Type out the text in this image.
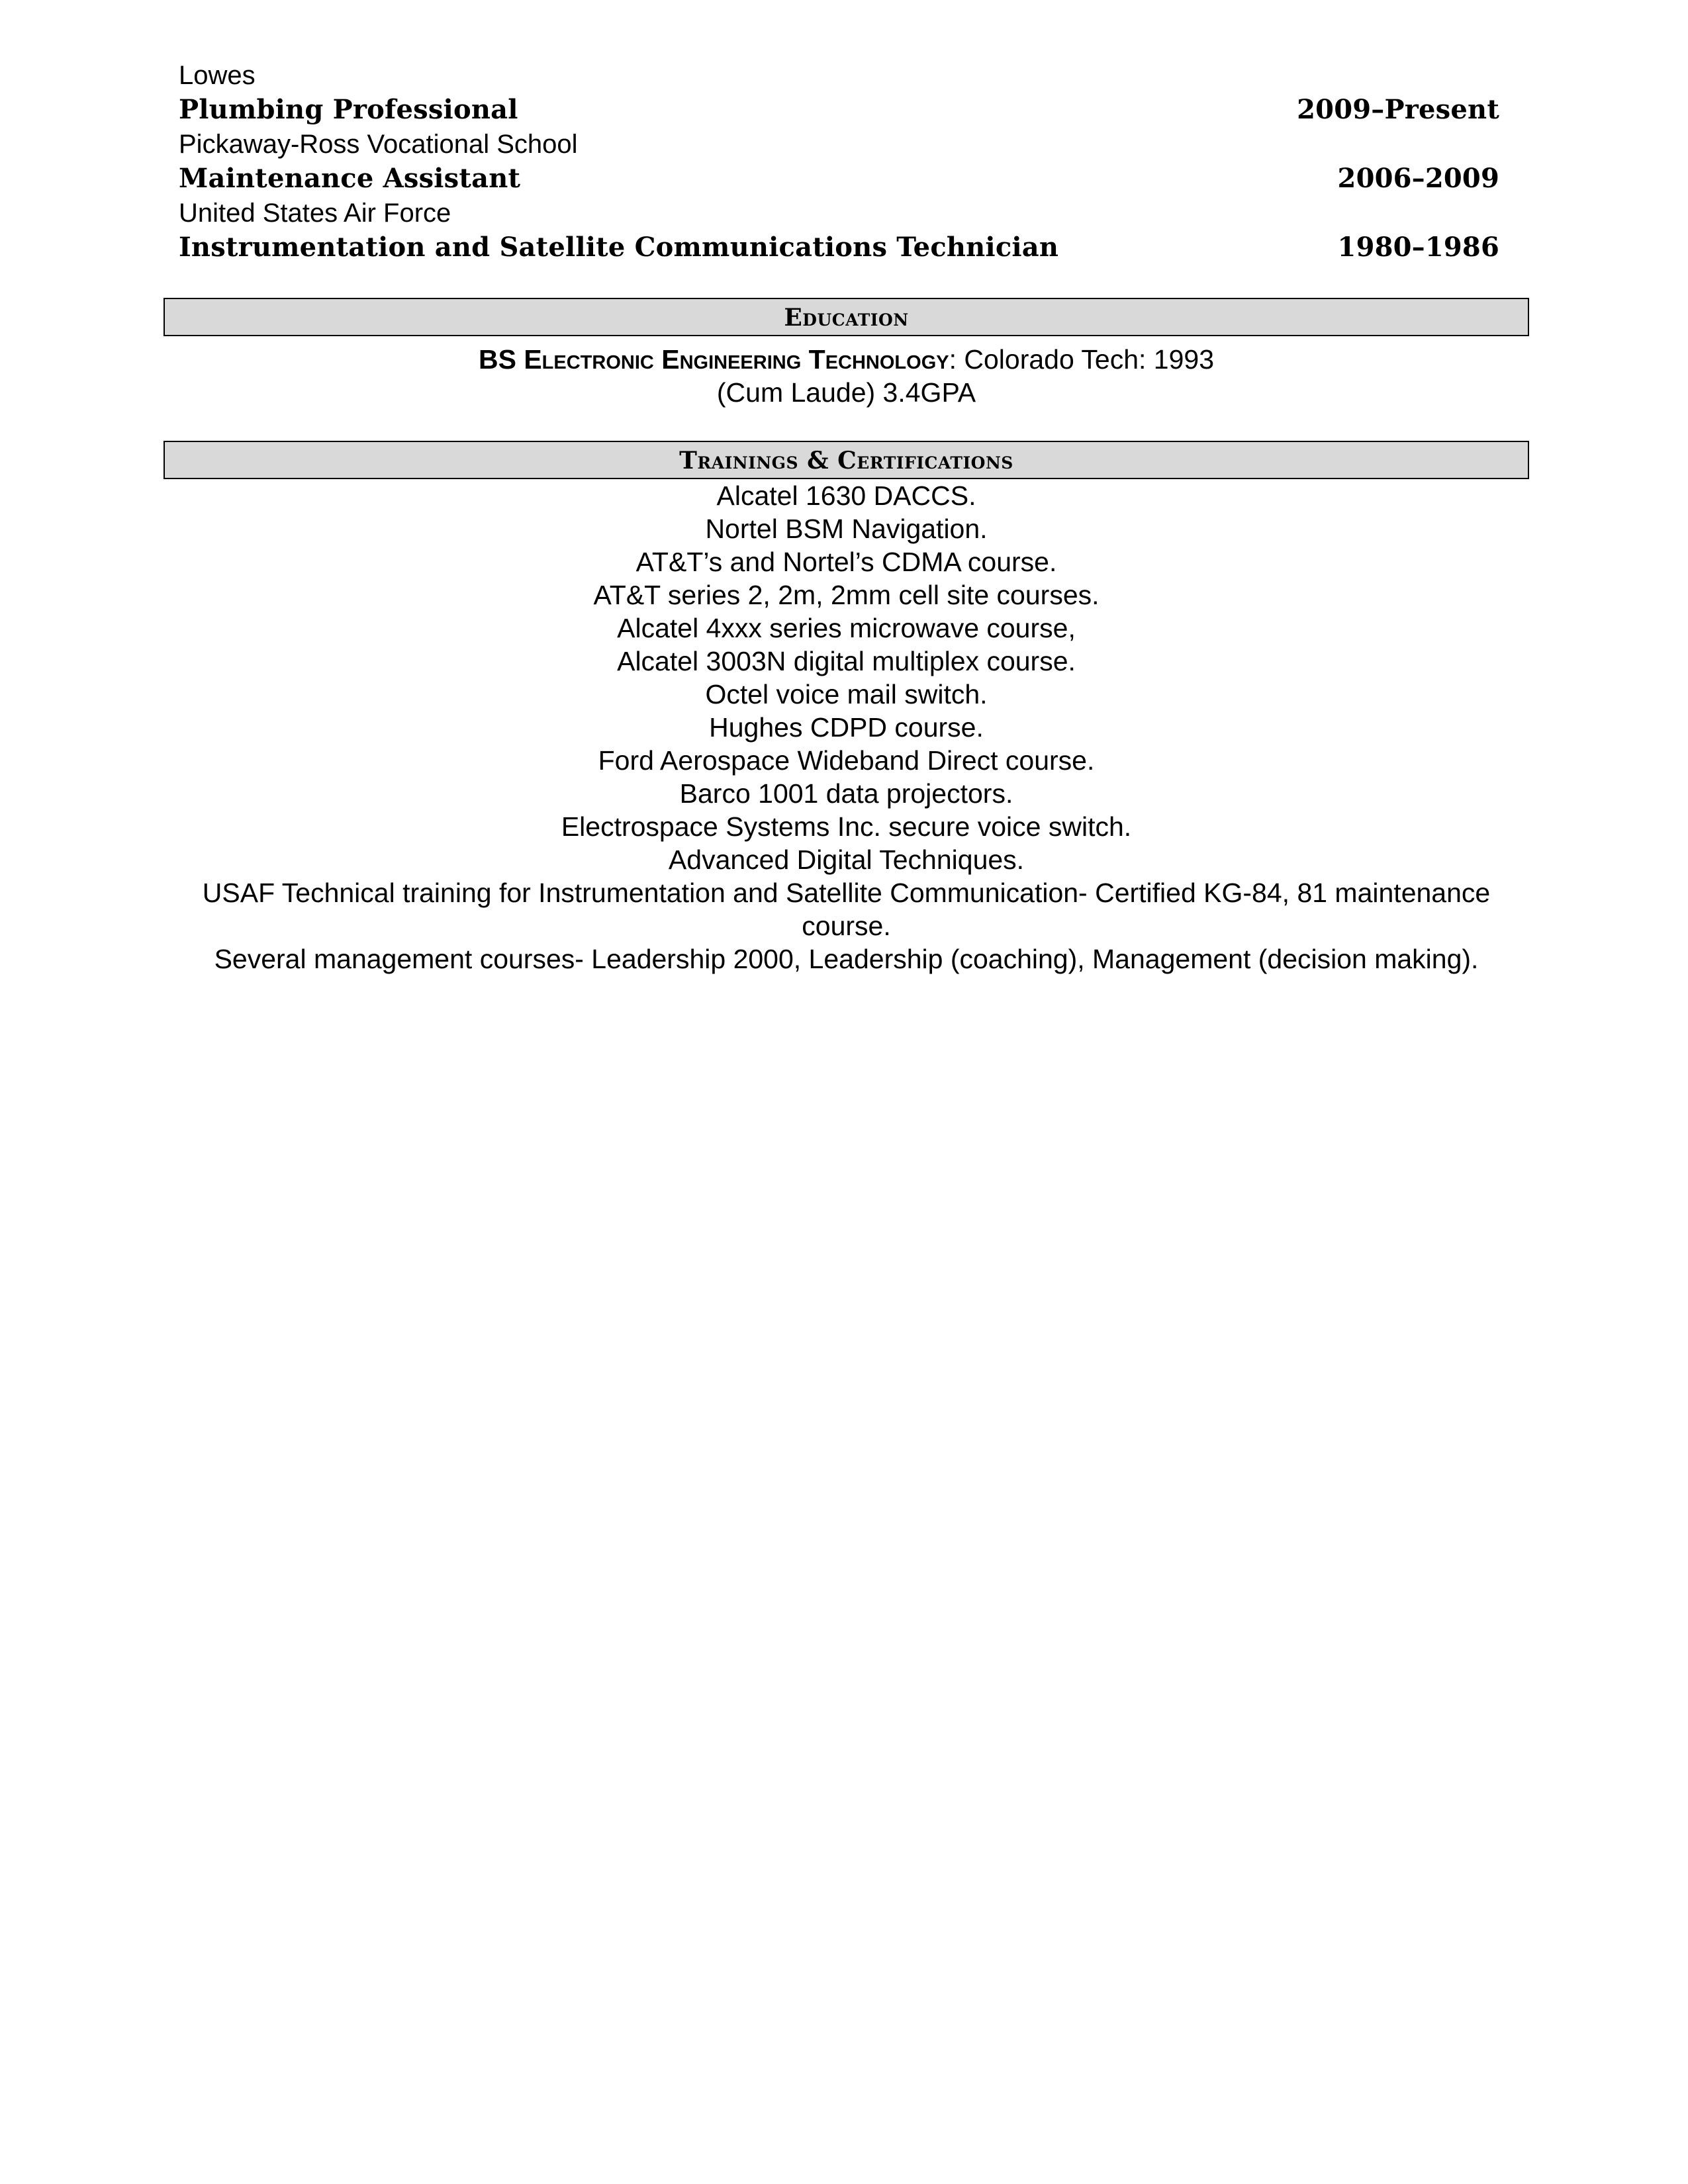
Lowes
Plumbing Professional	2009–Present
Pickaway-Ross Vocational School
Maintenance Assistant	2006–2009
United States Air Force
Instrumentation and Satellite Communications Technician	1980–1986
Education
BS Electronic Engineering Technology: Colorado Tech: 1993
(Cum Laude) 3.4GPA
Trainings & Certifications
Alcatel 1630 DACCS.
Nortel BSM Navigation.
AT&T’s and Nortel’s CDMA course.
AT&T series 2, 2m, 2mm cell site courses.
Alcatel 4xxx series microwave course,
Alcatel 3003N digital multiplex course.
Octel voice mail switch.
Hughes CDPD course.
Ford Aerospace Wideband Direct course.
Barco 1001 data projectors.
Electrospace Systems Inc. secure voice switch.
Advanced Digital Techniques.
USAF Technical training for Instrumentation and Satellite Communication- Certified KG-84, 81 maintenance course.
Several management courses- Leadership 2000, Leadership (coaching), Management (decision making).
